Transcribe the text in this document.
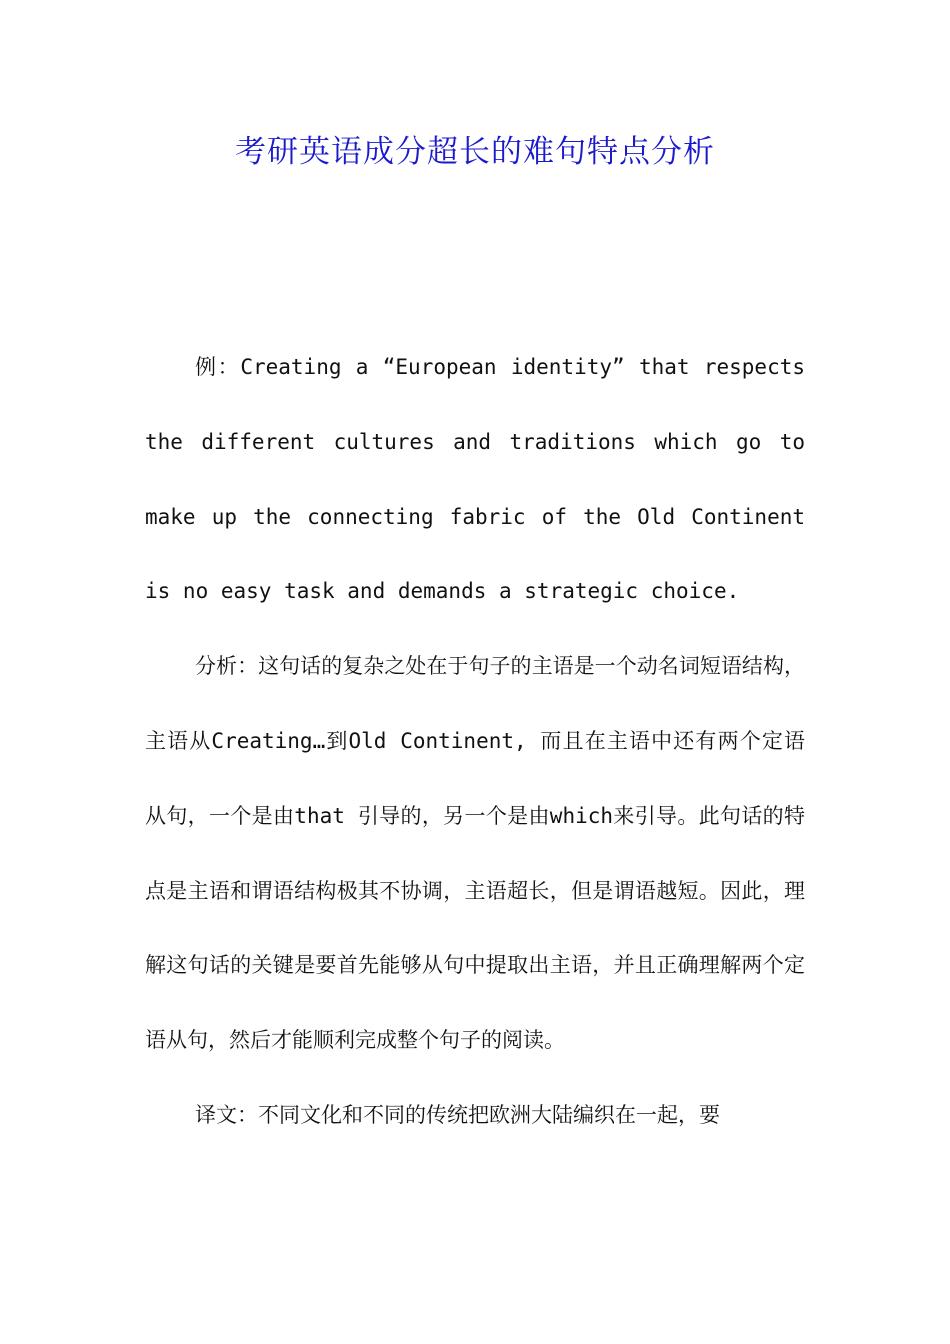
考研英语成分超长的难句特点分析

例：Creating a “European identity” that respects the different cultures and traditions which go to make up the connecting fabric of the Old Continent is no easy task and demands a strategic choice.

分析：这句话的复杂之处在于句子的主语是一个动名词短语结构，主语从Creating…到Old Continent, 而且在主语中还有两个定语从句，一个是由that 引导的，另一个是由which来引导。此句话的特点是主语和谓语结构极其不协调，主语超长，但是谓语越短。因此，理解这句话的关键是要首先能够从句中提取出主语，并且正确理解两个定语从句，然后才能顺利完成整个句子的阅读。

译文：不同文化和不同的传统把欧洲大陆编织在一起，要
